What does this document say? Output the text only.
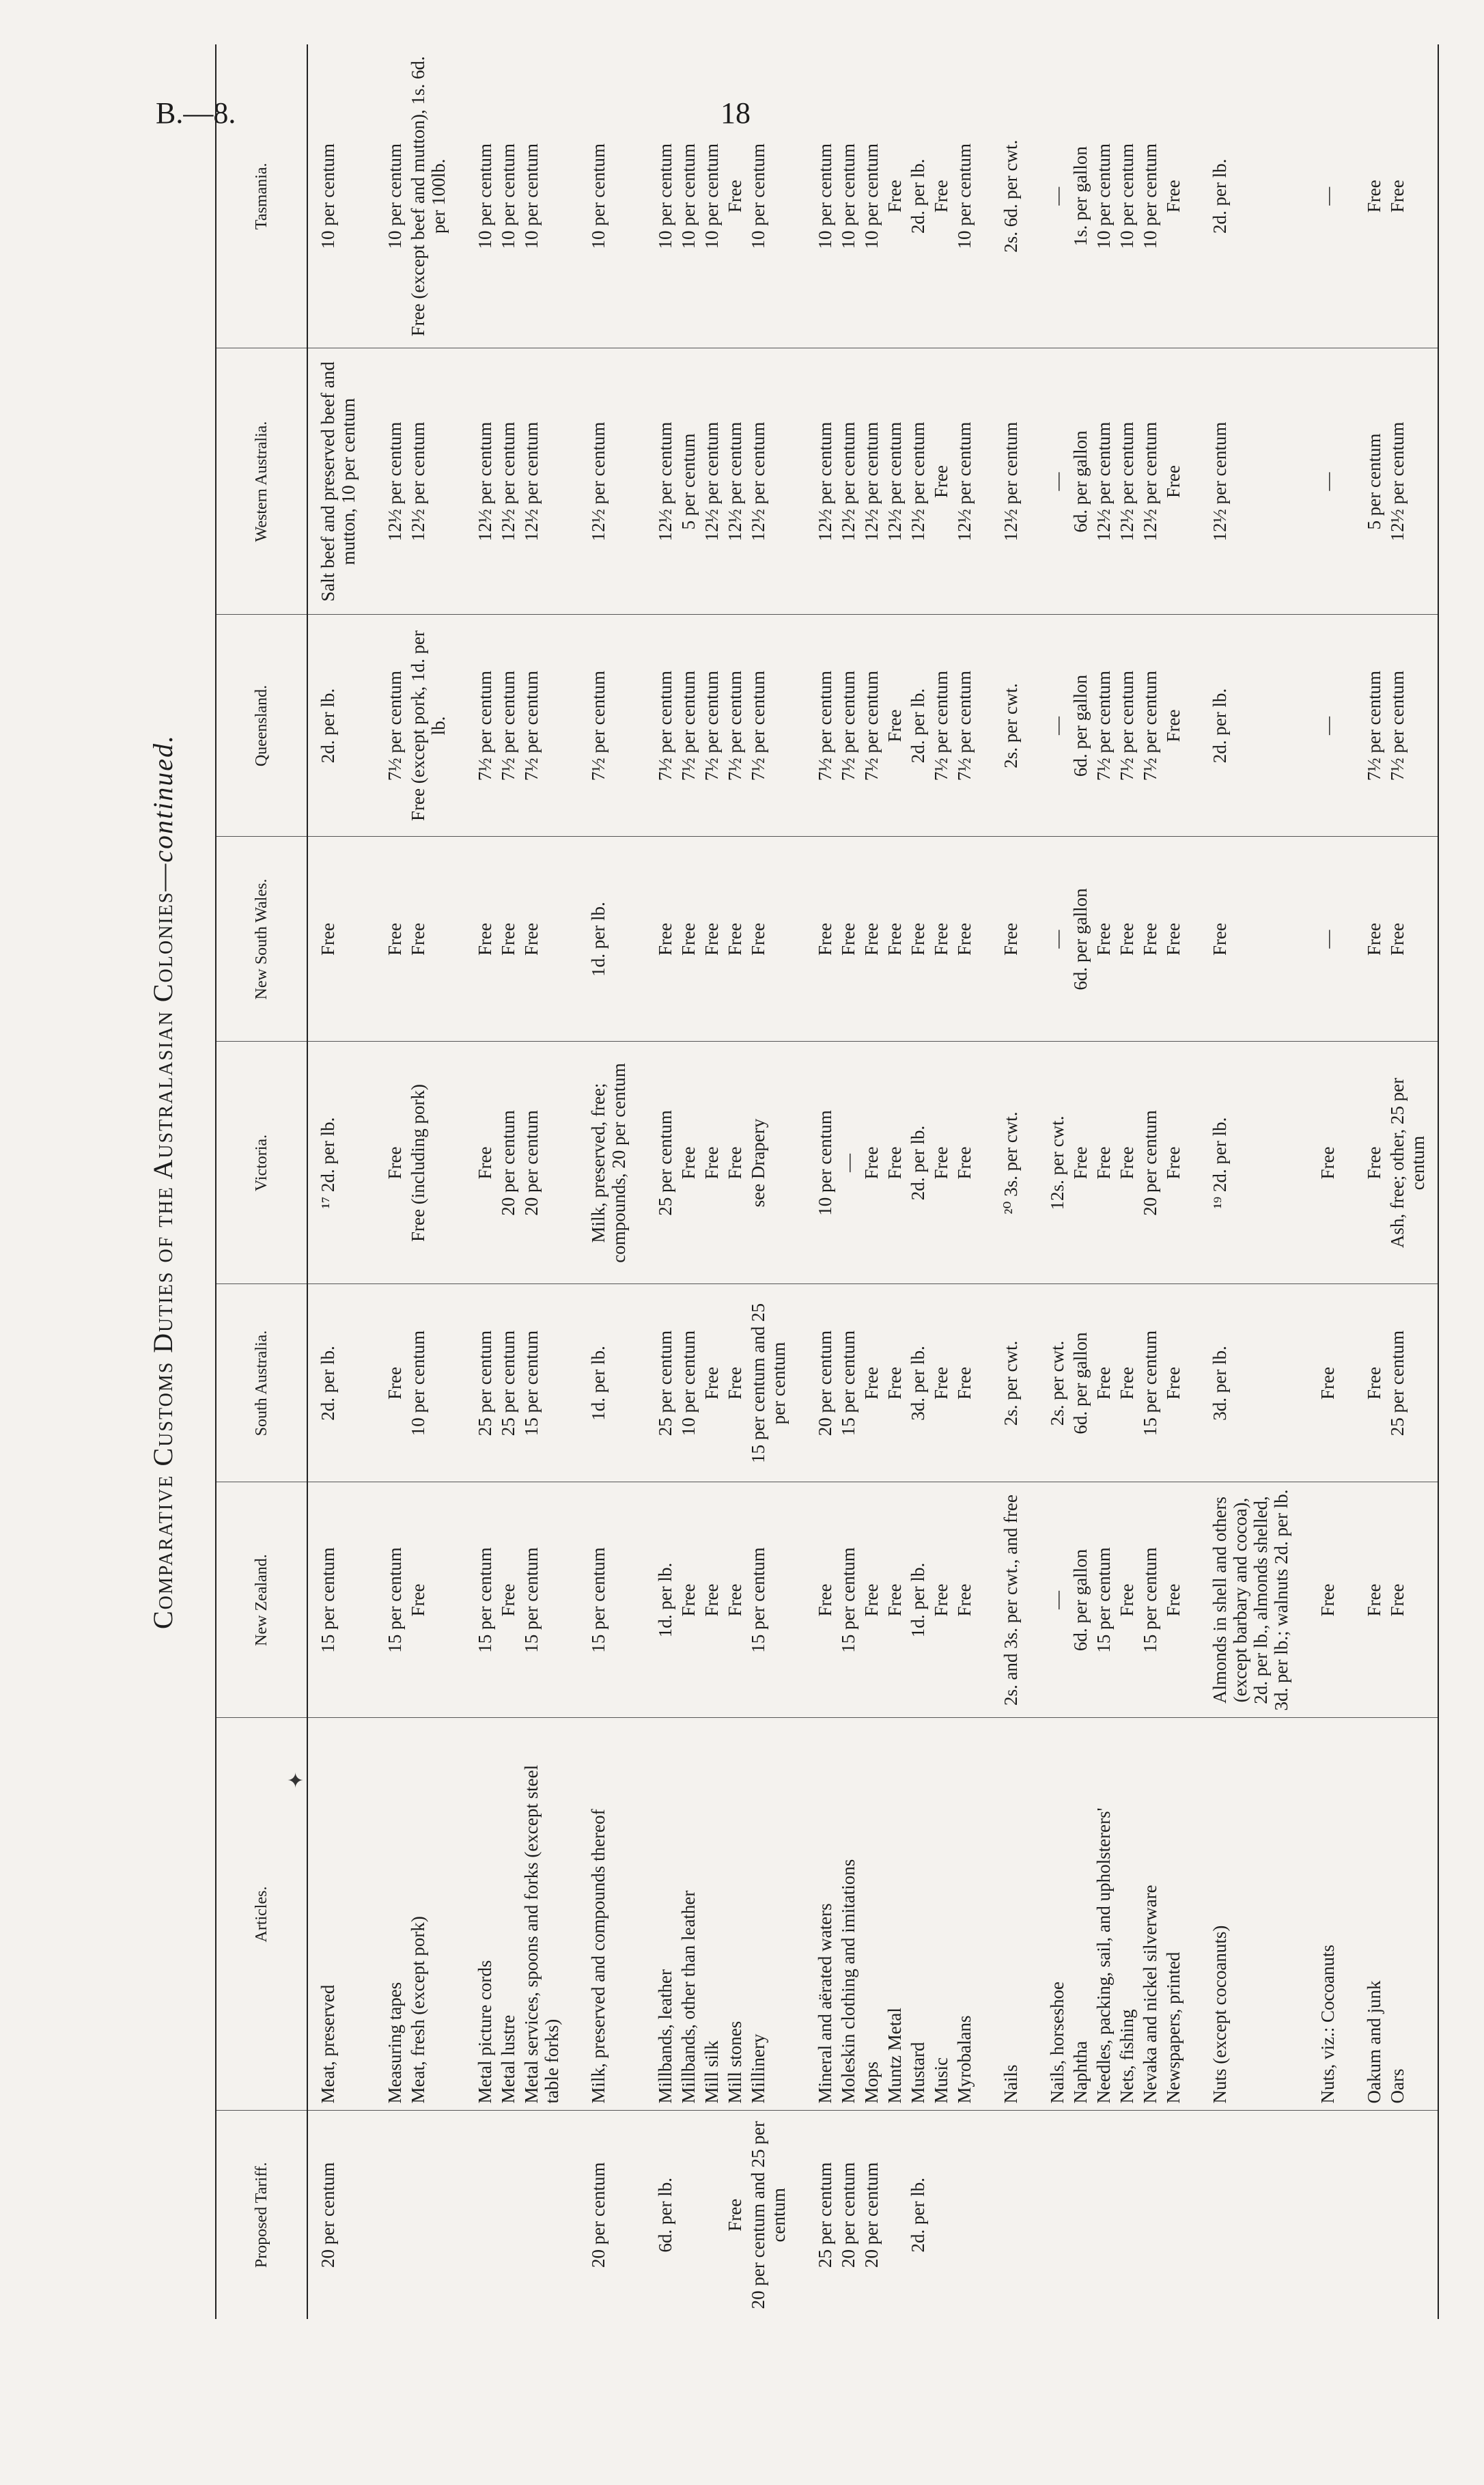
B.—8.	18
✦
Comparative Customs Duties of the Australasian Colonies—continued.
Proposed Tariff.	Articles.	New Zealand.	South Australia.	Victoria.	New South Wales.	Queensland.	Western Australia.	Tasmania.
20 per centum	Meat, preserved	15 per centum	2d. per lb.	¹⁷ 2d. per lb.	Free	2d. per lb.	Salt beef and preserved beef and mutton, 10 per centum	10 per centum

	Measuring tapes	15 per centum	Free	Free	Free	7½ per centum	12½ per centum	10 per centum
	Meat, fresh (except pork)	Free	10 per centum	Free (including pork)	Free	Free (except pork, 1d. per lb.	12½ per centum	Free (except beef and mutton), 1s. 6d. per 100lb.

	Metal picture cords	15 per centum	25 per centum	Free	Free	7½ per centum	12½ per centum	10 per centum
	Metal lustre	Free	25 per centum	20 per centum	Free	7½ per centum	12½ per centum	10 per centum
	Metal services, spoons and forks (except steel table forks)	15 per centum	15 per centum	20 per centum	Free	7½ per centum	12½ per centum	10 per centum

20 per centum	Milk, preserved and compounds thereof	15 per centum	1d. per lb.	Milk, preserved, free; compounds, 20 per centum	1d. per lb.	7½ per centum	12½ per centum	10 per centum

6d. per lb.	Millbands, leather	1d. per lb.	25 per centum	25 per centum	Free	7½ per centum	12½ per centum	10 per centum
	Millbands, other than leather	Free	10 per centum	Free	Free	7½ per centum	5 per centum	10 per centum
	Mill silk	Free	Free	Free	Free	7½ per centum	12½ per centum	10 per centum
Free	Mill stones	Free	Free	Free	Free	7½ per centum	12½ per centum	Free
20 per centum and 25 per centum	Millinery	15 per centum	15 per centum and 25 per centum	see Drapery	Free	7½ per centum	12½ per centum	10 per centum

25 per centum	Mineral and aërated waters	Free	20 per centum	10 per centum	Free	7½ per centum	12½ per centum	10 per centum
20 per centum	Moleskin clothing and imitations	15 per centum	15 per centum	—	Free	7½ per centum	12½ per centum	10 per centum
20 per centum	Mops	Free	Free	Free	Free	7½ per centum	12½ per centum	10 per centum
	Muntz Metal	Free	Free	Free	Free	Free	12½ per centum	Free
2d. per lb.	Mustard	1d. per lb.	3d. per lb.	2d. per lb.	Free	2d. per lb.	12½ per centum	2d. per lb.
	Music	Free	Free	Free	Free	7½ per centum	Free	Free
	Myrobalans	Free	Free	Free	Free	7½ per centum	12½ per centum	10 per centum

	Nails	2s. and 3s. per cwt., and free	2s. per cwt.	²⁰ 3s. per cwt.	Free	2s. per cwt.	12½ per centum	2s. 6d. per cwt.

	Nails, horseshoe	—	2s. per cwt.	12s. per cwt.	—	—	—	—
	Naphtha	6d. per gallon	6d. per gallon	Free	6d. per gallon	6d. per gallon	6d. per gallon	1s. per gallon
	Needles, packing, sail, and upholsterers'	15 per centum	Free	Free	Free	7½ per centum	12½ per centum	10 per centum
	Nets, fishing	Free	Free	Free	Free	7½ per centum	12½ per centum	10 per centum
	Nevaka and nickel silverware	15 per centum	15 per centum	20 per centum	Free	7½ per centum	12½ per centum	10 per centum
	Newspapers, printed	Free	Free	Free	Free	Free	Free	Free

	Nuts (except cocoanuts)	Almonds in shell and others (except barbary and cocoa), 2d. per lb., almonds shelled, 3d. per lb.; walnuts 2d. per lb.	3d. per lb.	¹⁹ 2d. per lb.	Free	2d. per lb.	12½ per centum	2d. per lb.

	Nuts, viz.: Cocoanuts	Free	Free	Free	—	—	—	—

	Oakum and junk	Free	Free	Free	Free	7½ per centum	5 per centum	Free
	Oars	Free	25 per centum	Ash, free; other, 25 per centum	Free	7½ per centum	12½ per centum	Free
